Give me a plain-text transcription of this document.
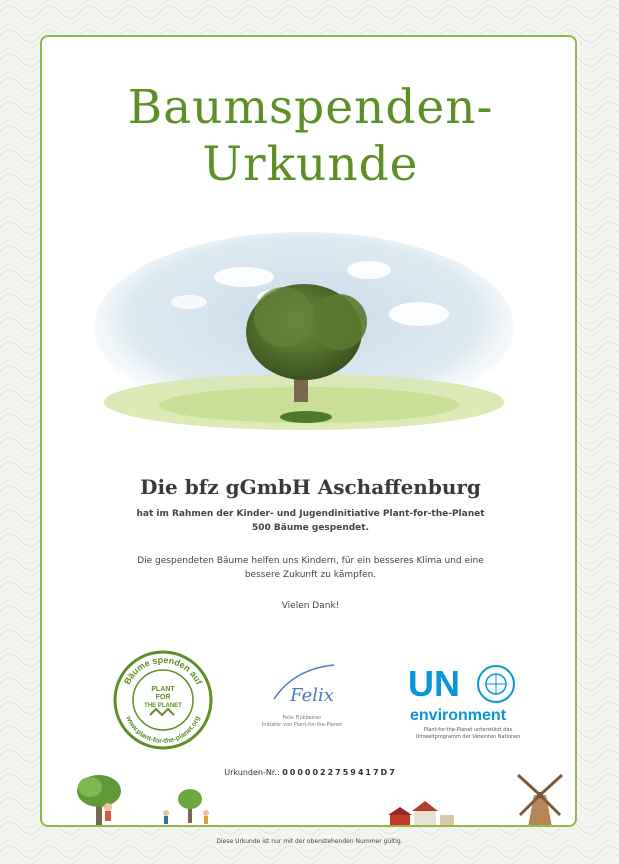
Baumspenden-
Urkunde
Die bfz gGmbH Aschaffenburg
hat im Rahmen der Kinder- und Jugendinitiative Plant-for-the-Planet
500 Bäume gespendet.
Die gespendeten Bäume helfen uns Kindern, für ein besseres Klima und eine
bessere Zukunft zu kämpfen.
Vielen Dank!
Bäume spenden auf
www.plant-for-the-planet.org
PLANT
FOR
THE PLANET	Felix
Felix Finkbeiner
Initiator von Plant-for-the-Planet
UN
environment
Plant-for-the-Planet unterstützt das
Umweltprogramm der Vereinten Nationen
Urkunden-Nr.: 0000022759417D7
Diese Urkunde ist nur mit der obenstehenden Nummer gültig.
